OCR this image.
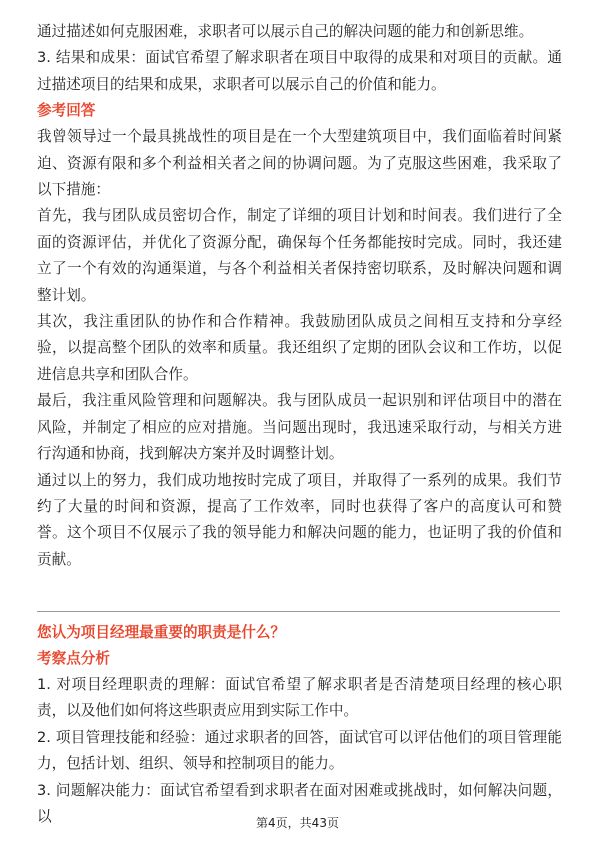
通过描述如何克服困难，求职者可以展示自己的解决问题的能力和创新思维。

3. 结果和成果：面试官希望了解求职者在项目中取得的成果和对项目的贡献。通过描述项目的结果和成果，求职者可以展示自己的价值和能力。

参考回答

我曾领导过一个最具挑战性的项目是在一个大型建筑项目中，我们面临着时间紧迫、资源有限和多个利益相关者之间的协调问题。为了克服这些困难，我采取了以下措施：

首先，我与团队成员密切合作，制定了详细的项目计划和时间表。我们进行了全面的资源评估，并优化了资源分配，确保每个任务都能按时完成。同时，我还建立了一个有效的沟通渠道，与各个利益相关者保持密切联系，及时解决问题和调整计划。

其次，我注重团队的协作和合作精神。我鼓励团队成员之间相互支持和分享经验，以提高整个团队的效率和质量。我还组织了定期的团队会议和工作坊，以促进信息共享和团队合作。

最后，我注重风险管理和问题解决。我与团队成员一起识别和评估项目中的潜在风险，并制定了相应的应对措施。当问题出现时，我迅速采取行动，与相关方进行沟通和协商，找到解决方案并及时调整计划。

通过以上的努力，我们成功地按时完成了项目，并取得了一系列的成果。我们节约了大量的时间和资源，提高了工作效率，同时也获得了客户的高度认可和赞誉。这个项目不仅展示了我的领导能力和解决问题的能力，也证明了我的价值和贡献。

您认为项目经理最重要的职责是什么？
考察点分析

1. 对项目经理职责的理解：面试官希望了解求职者是否清楚项目经理的核心职责，以及他们如何将这些职责应用到实际工作中。

2. 项目管理技能和经验：通过求职者的回答，面试官可以评估他们的项目管理能力，包括计划、组织、领导和控制项目的能力。

3. 问题解决能力：面试官希望看到求职者在面对困难或挑战时，如何解决问题，以	第4页，共43页
